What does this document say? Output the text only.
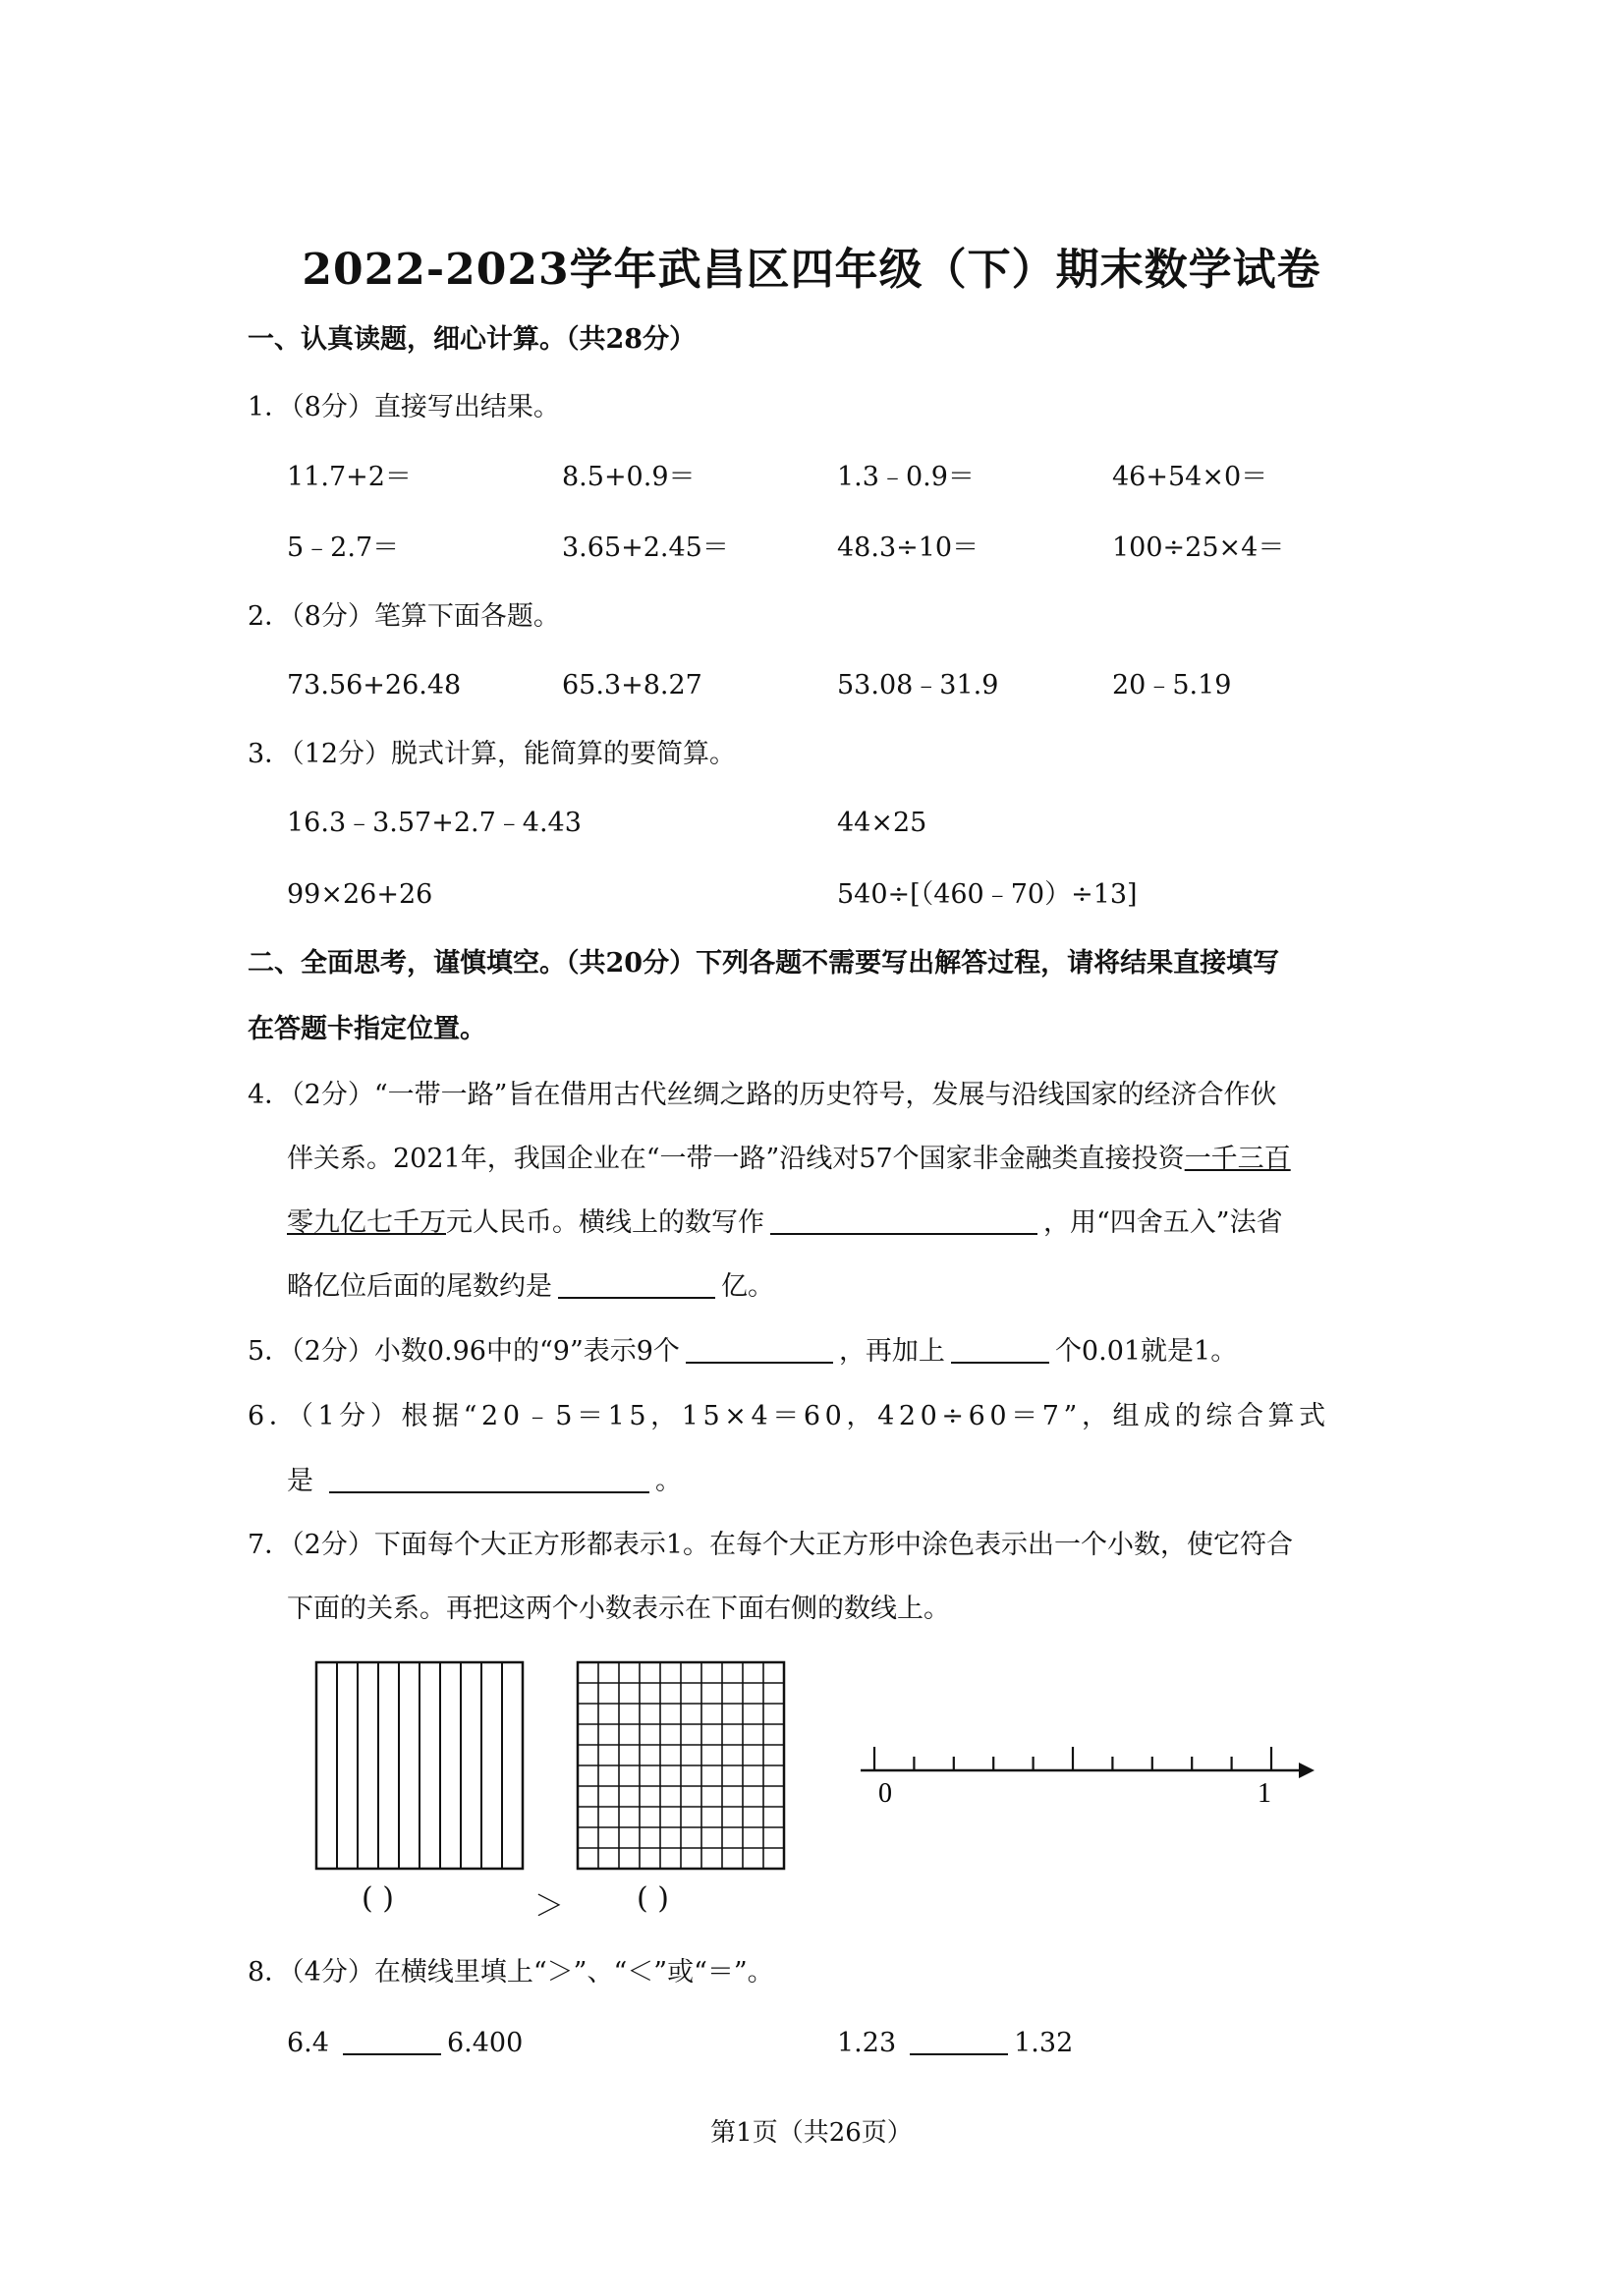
2022-2023学年武昌区四年级（下）期末数学试卷
一、认真读题，细心计算。（共28分）
1．（8分）直接写出结果。
11.7+2＝	8.5+0.9＝	1.3﹣0.9＝	46+54×0＝
5﹣2.7＝	3.65+2.45＝	48.3÷10＝	100÷25×4＝
2．（8分）笔算下面各题。
73.56+26.48	65.3+8.27	53.08﹣31.9	20﹣5.19
3．（12分）脱式计算，能简算的要简算。
16.3﹣3.57+2.7﹣4.43	44×25
99×26+26	540÷[（460﹣70）÷13]
二、全面思考，谨慎填空。（共20分）下列各题不需要写出解答过程，请将结果直接填写
在答题卡指定位置。
4．（2分）“一带一路”旨在借用古代丝绸之路的历史符号，发展与沿线国家的经济合作伙
伴关系。2021年，我国企业在“一带一路”沿线对57个国家非金融类直接投资一千三百
零九亿七千万元人民币。横线上的数写作	，用“四舍五入”法省
略亿位后面的尾数约是	亿。
5．（2分）小数0.96中的“9”表示9个	，再加上	个0.01就是1。
6．（1分）根据“20﹣5＝15，15×4＝60，420÷60＝7”，组成的综合算式
是	。
7．（2分）下面每个大正方形都表示1。在每个大正方形中涂色表示出一个小数，使它符合
下面的关系。再把这两个小数表示在下面右侧的数线上。
( )	＞ ( )
0	1
8．（4分）在横线里填上“＞”、“＜”或“＝”。
6.4	6.400	1.23	1.32
第1页（共26页）
